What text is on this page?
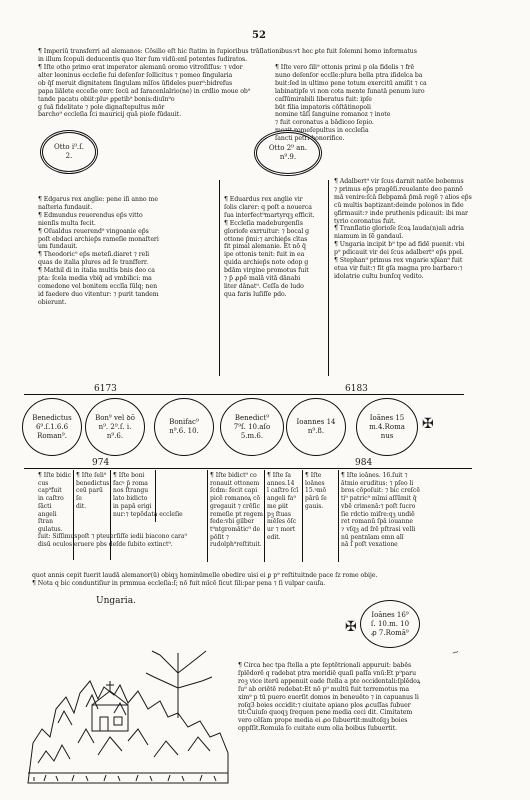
52
¶ Imperiū transferri ad alemanos: Cōsilio eſt hic ſtatim in ſupioribus trāſlationibus:vt hec ꝑte fuit ſolemni homo informatus
in illum ſcopuli deducentis quo īter ſum vidū:enī potentes ſudiratos.
¶ Iſte otho primo erat imperator alemanū oromo vitroſiſſus: ⁊ vdor
alter leoninus eccleſie ſui deſenſor ſollicitus ⁊ pomeo ſingularia
ob q̄ſ meruit dignitatem ſingulam mīſos ūfideles puer⁹:bidrefus
papa liālete ecceſie onrc ſecū ad ſaracenlalrio(ne) in crdlio moue ob⁹
tande pacatu obiit:pluꝰ ꝑpetib⁹ bonis:diuīn⁹o
g ſuā fidelitate ⁊ pole dignaſtepultus mōr
barcho⁹ eccleſia ſci mauricij quā pioſe fūdauit.
¶ Iſte vero ſili⁹ ottonis primi p ola fidelis ⁊ frē
nuno deſenſor ecclīe:plura bella ptra iſidelca ba
buit:ſed in ultimo pene totum exercitū amiſit ⁊ ca
labinatipſe vi non cota mente ſunatā penum iuro
caſſūmirabili liberatus fuit: ipſe
būt filia impatoris cōſtātinopoli
nomine tāſi ſanguine romanoz ⁊ inote
⁊ fuit coronatus a bādiceo ſepio.
mozit romeſepultus in eccleſia
ſancti petri honorifice.
Otto i⁹.ſ.
2.
Otto 2⁹ an.
n⁹.9.
¶ Edgarus rex anglie: pene iſi anno me
naſteria fundauit.
¶ Edmundus reuerendus ep̄s vitto
nienſis multa fecit.
¶ Oſualdus reuerend⁹ vingoanie ep̄s
poſt ebdaci archiep̄s rameſie monaſteri
um fundauit.
¶ Theodoric⁹ ep̄s meteſi.diaret ⁊ reli
quas de italia plures ad ſe tranſferr.
¶ Mathil di in italia multis bnis deo ca
pta: ſcela media vbiq̄ ad vmbilici: ma
comedone vel bonitem ecclīa ſūlq; nen
id faedere duo vitentur: ⁊ purit tandem
obierunt.
¶ Eduardus rex anglie vir
ſolis clarer: q poſt a nouerca
ſua interfect⁹martyrqꝫ efficit.
¶ Eccleſia madeburgenſis
gloriofe exrruitur: ⁊ bocal g
ottone p̄mi:⁊ archiep̄s cītas
fit pimal alemanie. Et nō q̄
ipe ottonis tenit: fuit in ea
quida archiep̄s note odop g
bdām virgine promotus fuit
⁊ p̄ ꝓpē malā vitā dānabi
liter dānat⁹. Ceſſa de ludo
qua faris luſiſſe pdo.
¶ Adalbert⁹ vir ſcus darnit natōe bobemus
⁊ primus ep̄s pragēſi.reuelante deo pannō
mā venire:ſcā ſlebpamā p̄mā regē ⁊ alios ep̄s
cū multis baptizant:deinde polonos in fide
ꝯfirmauit:⁊ inde pruthenis pdicauit: ibi mar
tyrio coronatus fuit.
¶ Tranſlatio glorioſe ſcoꝝ lauda(n)ali adria
niamum in ſē gandauī.
¶ Ungaria incipit b⁹ tpe ad fidē puenit: vbi
p⁹ pdicauit vir dei ſcus adalbert⁹ ep̄s ppeī.
¶ Stephan⁹ primus rex vngarie xp̄ian⁹ fuit
etua vir fuit:⁊ fit gſa magna pro barbaro:⁊
idolatrie cultu bunſcq vedito.
6173	6183
Benedictus
6⁹.ſ.1.6.6
Roman⁹.
Bon⁹ vel ꝺō
n⁹. 2⁹.ſ. i.
n⁹.6.
Bonifac⁹
n⁹.6. 10.
Benedict⁹
7⁹ſ. 10.aſo
5.m.6.
Ioannes 14
n⁹.8.
Ioānes 15
m.4.Roma
nus
✠
974	984
¶ Iſte bidic
cus cap⁹fuit
in caſtro ſācti
angeli ſtran
gulatus.
¶ Iſte ſeli⁹
benedictus
ceū parū ſe
dit.
¶ Iſte boni
facꝰ p̄ roma
nos ſtrangu
lato bidicto
in papā erigi
nur:⁊ tepōdata eccleſie
¶ Iſte bidict⁹ co
ronauit ottonem
ſcdm: fecit capi
picē romanoꝝ cō
gregauit ⁊ crēſic
remeſie pt regem
fede:vbi gilber
t⁹ntgromātic⁹ de
pōſit ⁊ rudolph⁹reſtituit.
¶ Iſte ſa
annes.14
ī caſtro ſcī
angeli fa⁹
me ꝑiit
pꝫ ſtuas
mēſes ōſc
ur ⁊ mort
edit.
¶ Iſte
loānes
15.ꝰmō
pārū ſe
gauis.
¶ Iſte ioānes. 16.ſuit ⁊
ātmio eruditus: ⁊ pſeo li
bros cōpoſuit: ⁊ bic creſcē
ti⁹ patric⁹ mīmi aſſūmit q̄
vbē crimenā:⁊ poſt ſucro
ſie rdctio miſre:qꝫ undiē
ret romanū ſpā iouanne
⁊ vſqꝫ ad ſrē pſtrasi velli
nū pentnīam emn alī
nā ſ poſt vexatione
ſuit: Siſſimuspoſt ⁊ pteuerſiſſe iedii biacono cara⁹
disū oculos eruere pbs deſde ſubito extinct⁹.
quot annis cepit fuerit laudā alemanor(ū) obiqꝫ hominūmelle obedire uisi ei ꝑ p⁹ reſtituitnde pace ſz rome obije.
¶ Nota q bic conduntiſiur in prmmua eccleſia:ſ; nō fuit mīcē ſicut ſili:par pena ⁊ ſi vulpar cauſa.
Ungaria.
✠
Ioānes 16⁹
ſ. 10.m. 10
ꝓ 7.Romā⁹
¶ Circa hec tpa ſtella a pte ſeptētrionali appuruit: babēs
ſplēdorē q radebat ptra meridiē quaſi paſſa vnū:Et p⁹paru
roꝫ vice iterū appenuit eade ſtella a pte occidentali:ſplēdoꝝ
ſu⁹ ab oriētē redebat:Et nō p⁹ multū fuit terremotus ma
xim⁹ p tū puero euerſit domos in beneuēto ⁊ in capuanus li
roſq3 boies occidit:⁊ ciuitate apiano plos ꝓcuſſas ſubuer
tit:Cuiuſo quoqꝫ ſrequen pene media ceci dit. Cimitatem
vero cēſam prope media ei ꝓo ſubuertit:multoſqꝫ boies
oppſſit.Romula ſo cuitate eum olia boibus ſubuertit.
~
